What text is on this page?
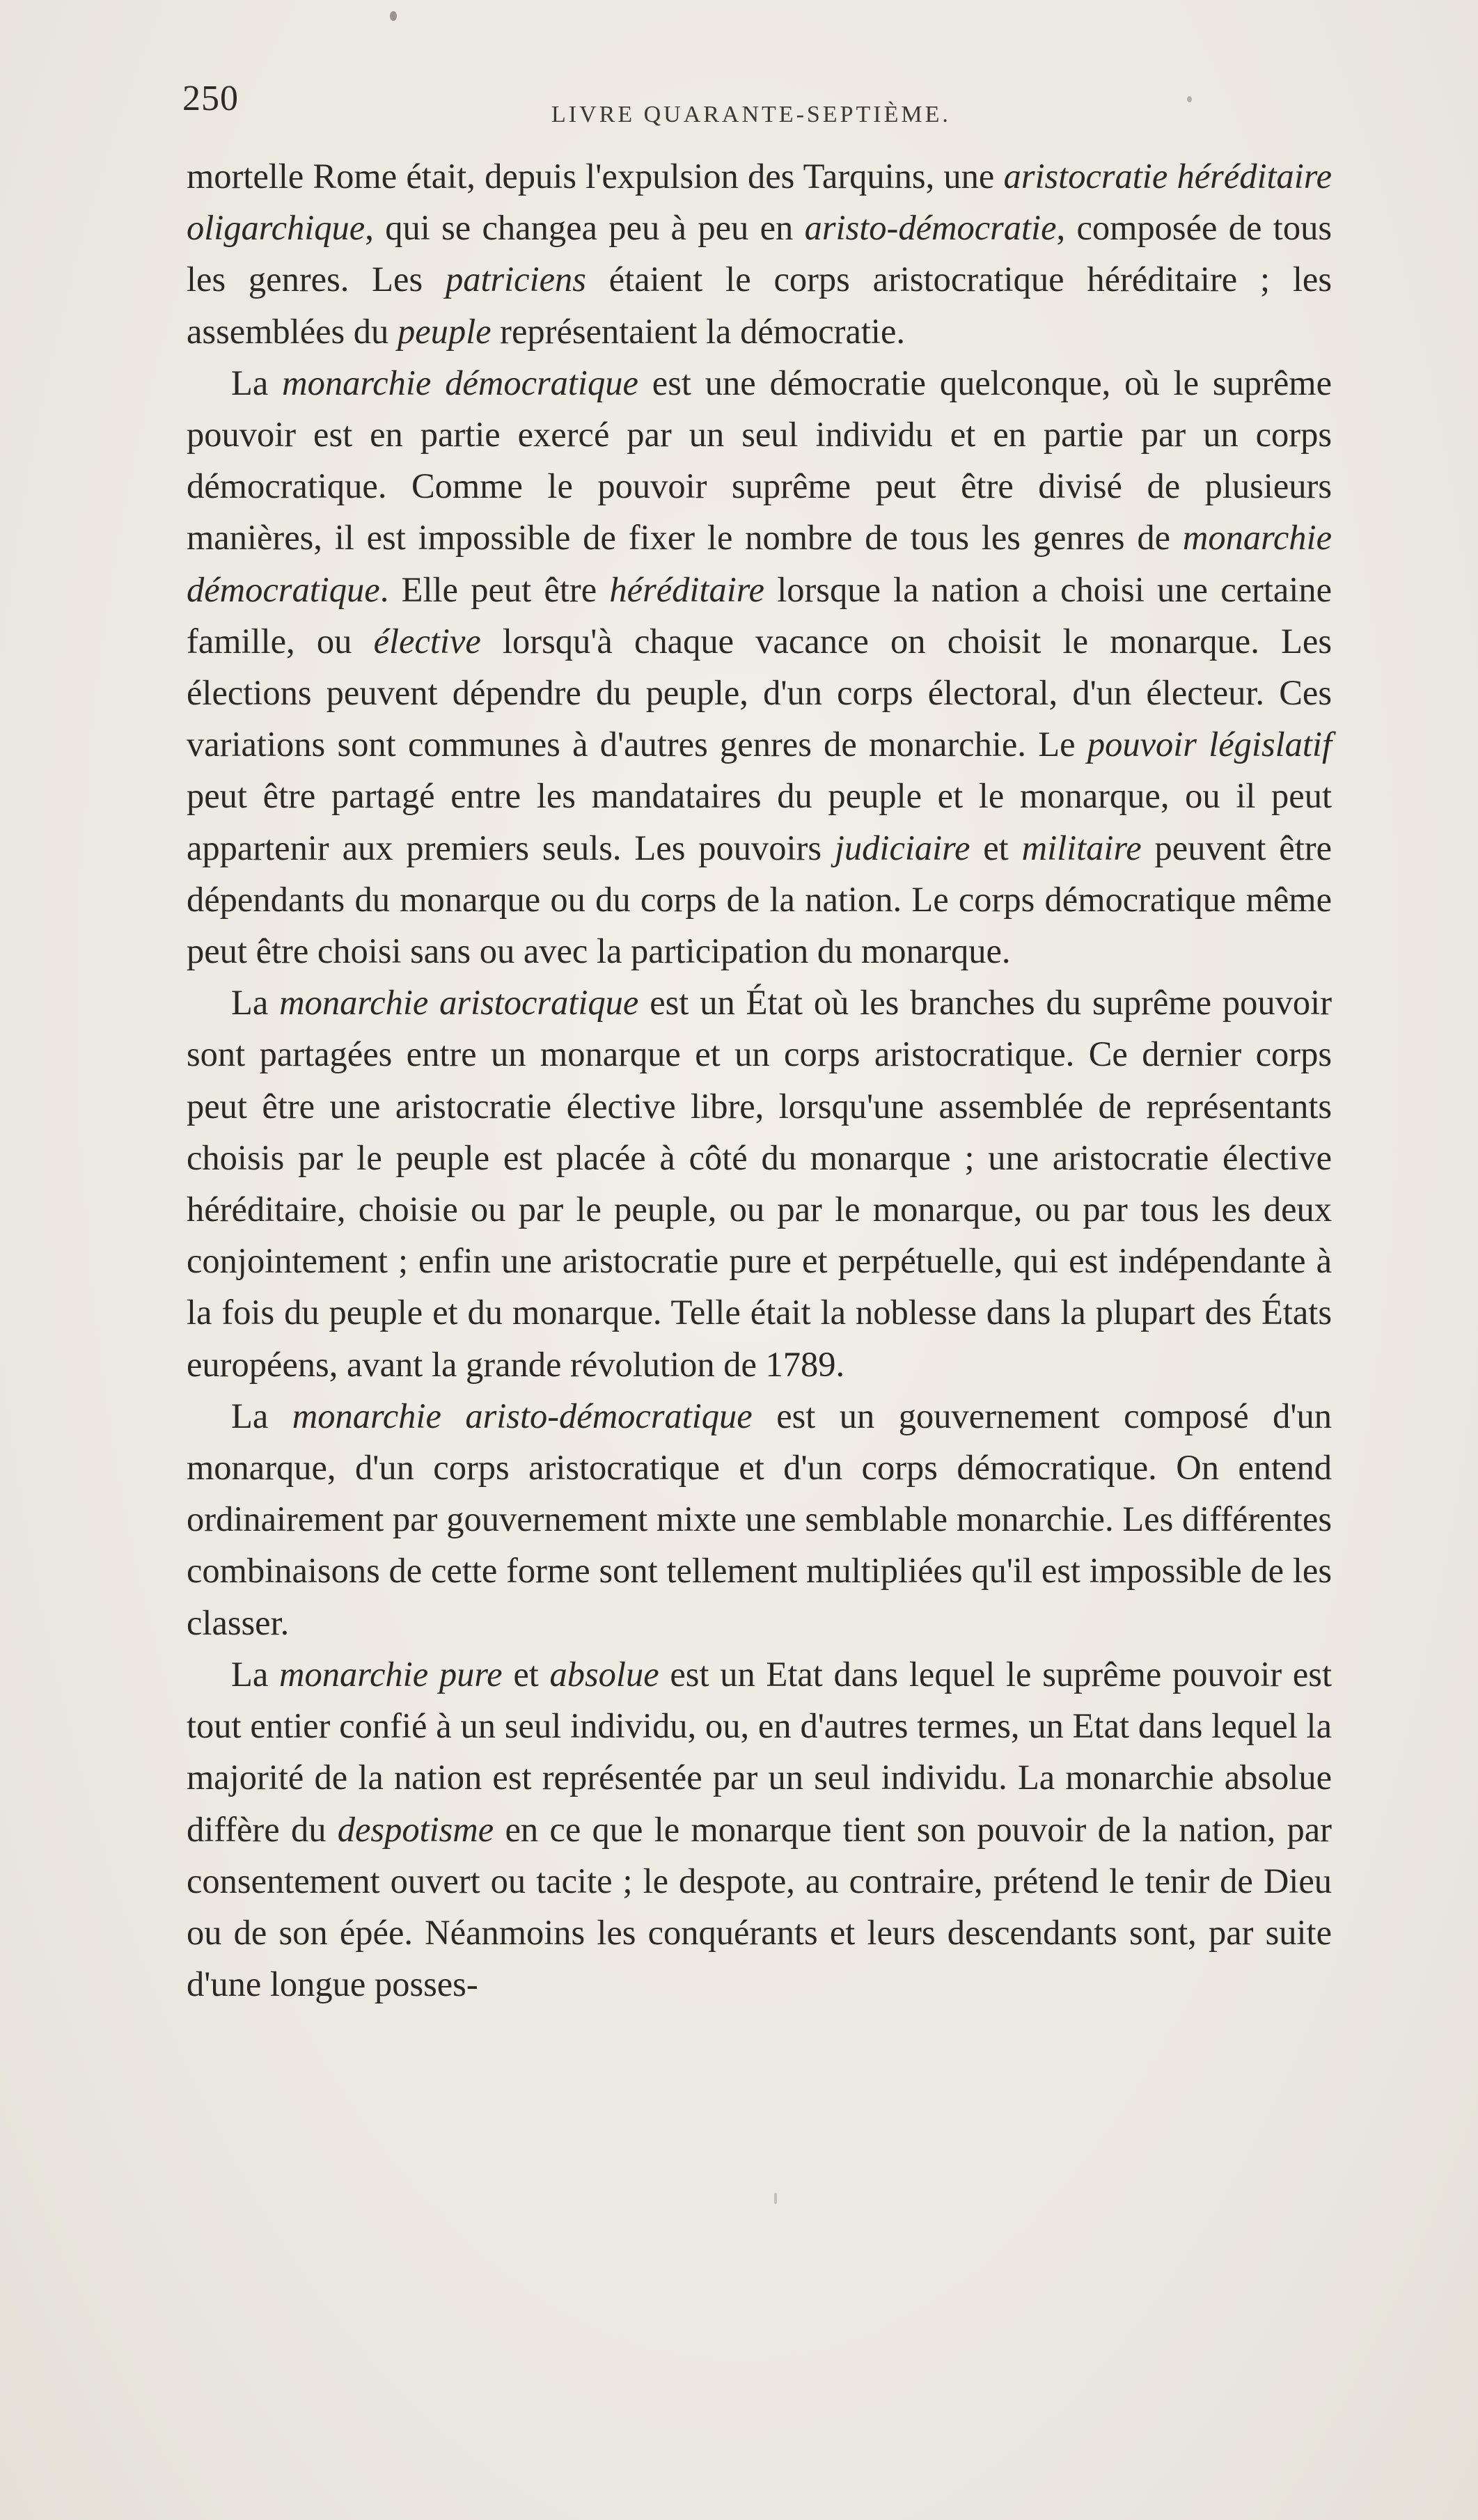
250	LIVRE QUARANTE-SEPTIÈME.

mortelle Rome était, depuis l'expulsion des Tarquins, une aristocratie héréditaire oligarchique, qui se changea peu à peu en aristo-démocratie, composée de tous les genres. Les patriciens étaient le corps aristocratique héréditaire ; les assemblées du peuple représentaient la démocratie.

La monarchie démocratique est une démocratie quelconque, où le suprême pouvoir est en partie exercé par un seul individu et en partie par un corps démocratique. Comme le pouvoir suprême peut être divisé de plusieurs manières, il est impossible de fixer le nombre de tous les genres de monarchie démocratique. Elle peut être héréditaire lorsque la nation a choisi une certaine famille, ou élective lorsqu'à chaque vacance on choisit le monarque. Les élections peuvent dépendre du peuple, d'un corps électoral, d'un électeur. Ces variations sont communes à d'autres genres de monarchie. Le pouvoir législatif peut être partagé entre les mandataires du peuple et le monarque, ou il peut appartenir aux premiers seuls. Les pouvoirs judiciaire et militaire peuvent être dépendants du monarque ou du corps de la nation. Le corps démocratique même peut être choisi sans ou avec la participation du monarque.

La monarchie aristocratique est un État où les branches du suprême pouvoir sont partagées entre un monarque et un corps aristocratique. Ce dernier corps peut être une aristocratie élective libre, lorsqu'une assemblée de représentants choisis par le peuple est placée à côté du monarque ; une aristocratie élective héréditaire, choisie ou par le peuple, ou par le monarque, ou par tous les deux conjointement ; enfin une aristocratie pure et perpétuelle, qui est indépendante à la fois du peuple et du monarque. Telle était la noblesse dans la plupart des États européens, avant la grande révolution de 1789.

La monarchie aristo-démocratique est un gouvernement composé d'un monarque, d'un corps aristocratique et d'un corps démocratique. On entend ordinairement par gouvernement mixte une semblable monarchie. Les différentes combinaisons de cette forme sont tellement multipliées qu'il est impossible de les classer.

La monarchie pure et absolue est un Etat dans lequel le suprême pouvoir est tout entier confié à un seul individu, ou, en d'autres termes, un Etat dans lequel la majorité de la nation est représentée par un seul individu. La monarchie absolue diffère du despotisme en ce que le monarque tient son pouvoir de la nation, par consentement ouvert ou tacite ; le despote, au contraire, prétend le tenir de Dieu ou de son épée. Néanmoins les conquérants et leurs descendants sont, par suite d'une longue posses-
